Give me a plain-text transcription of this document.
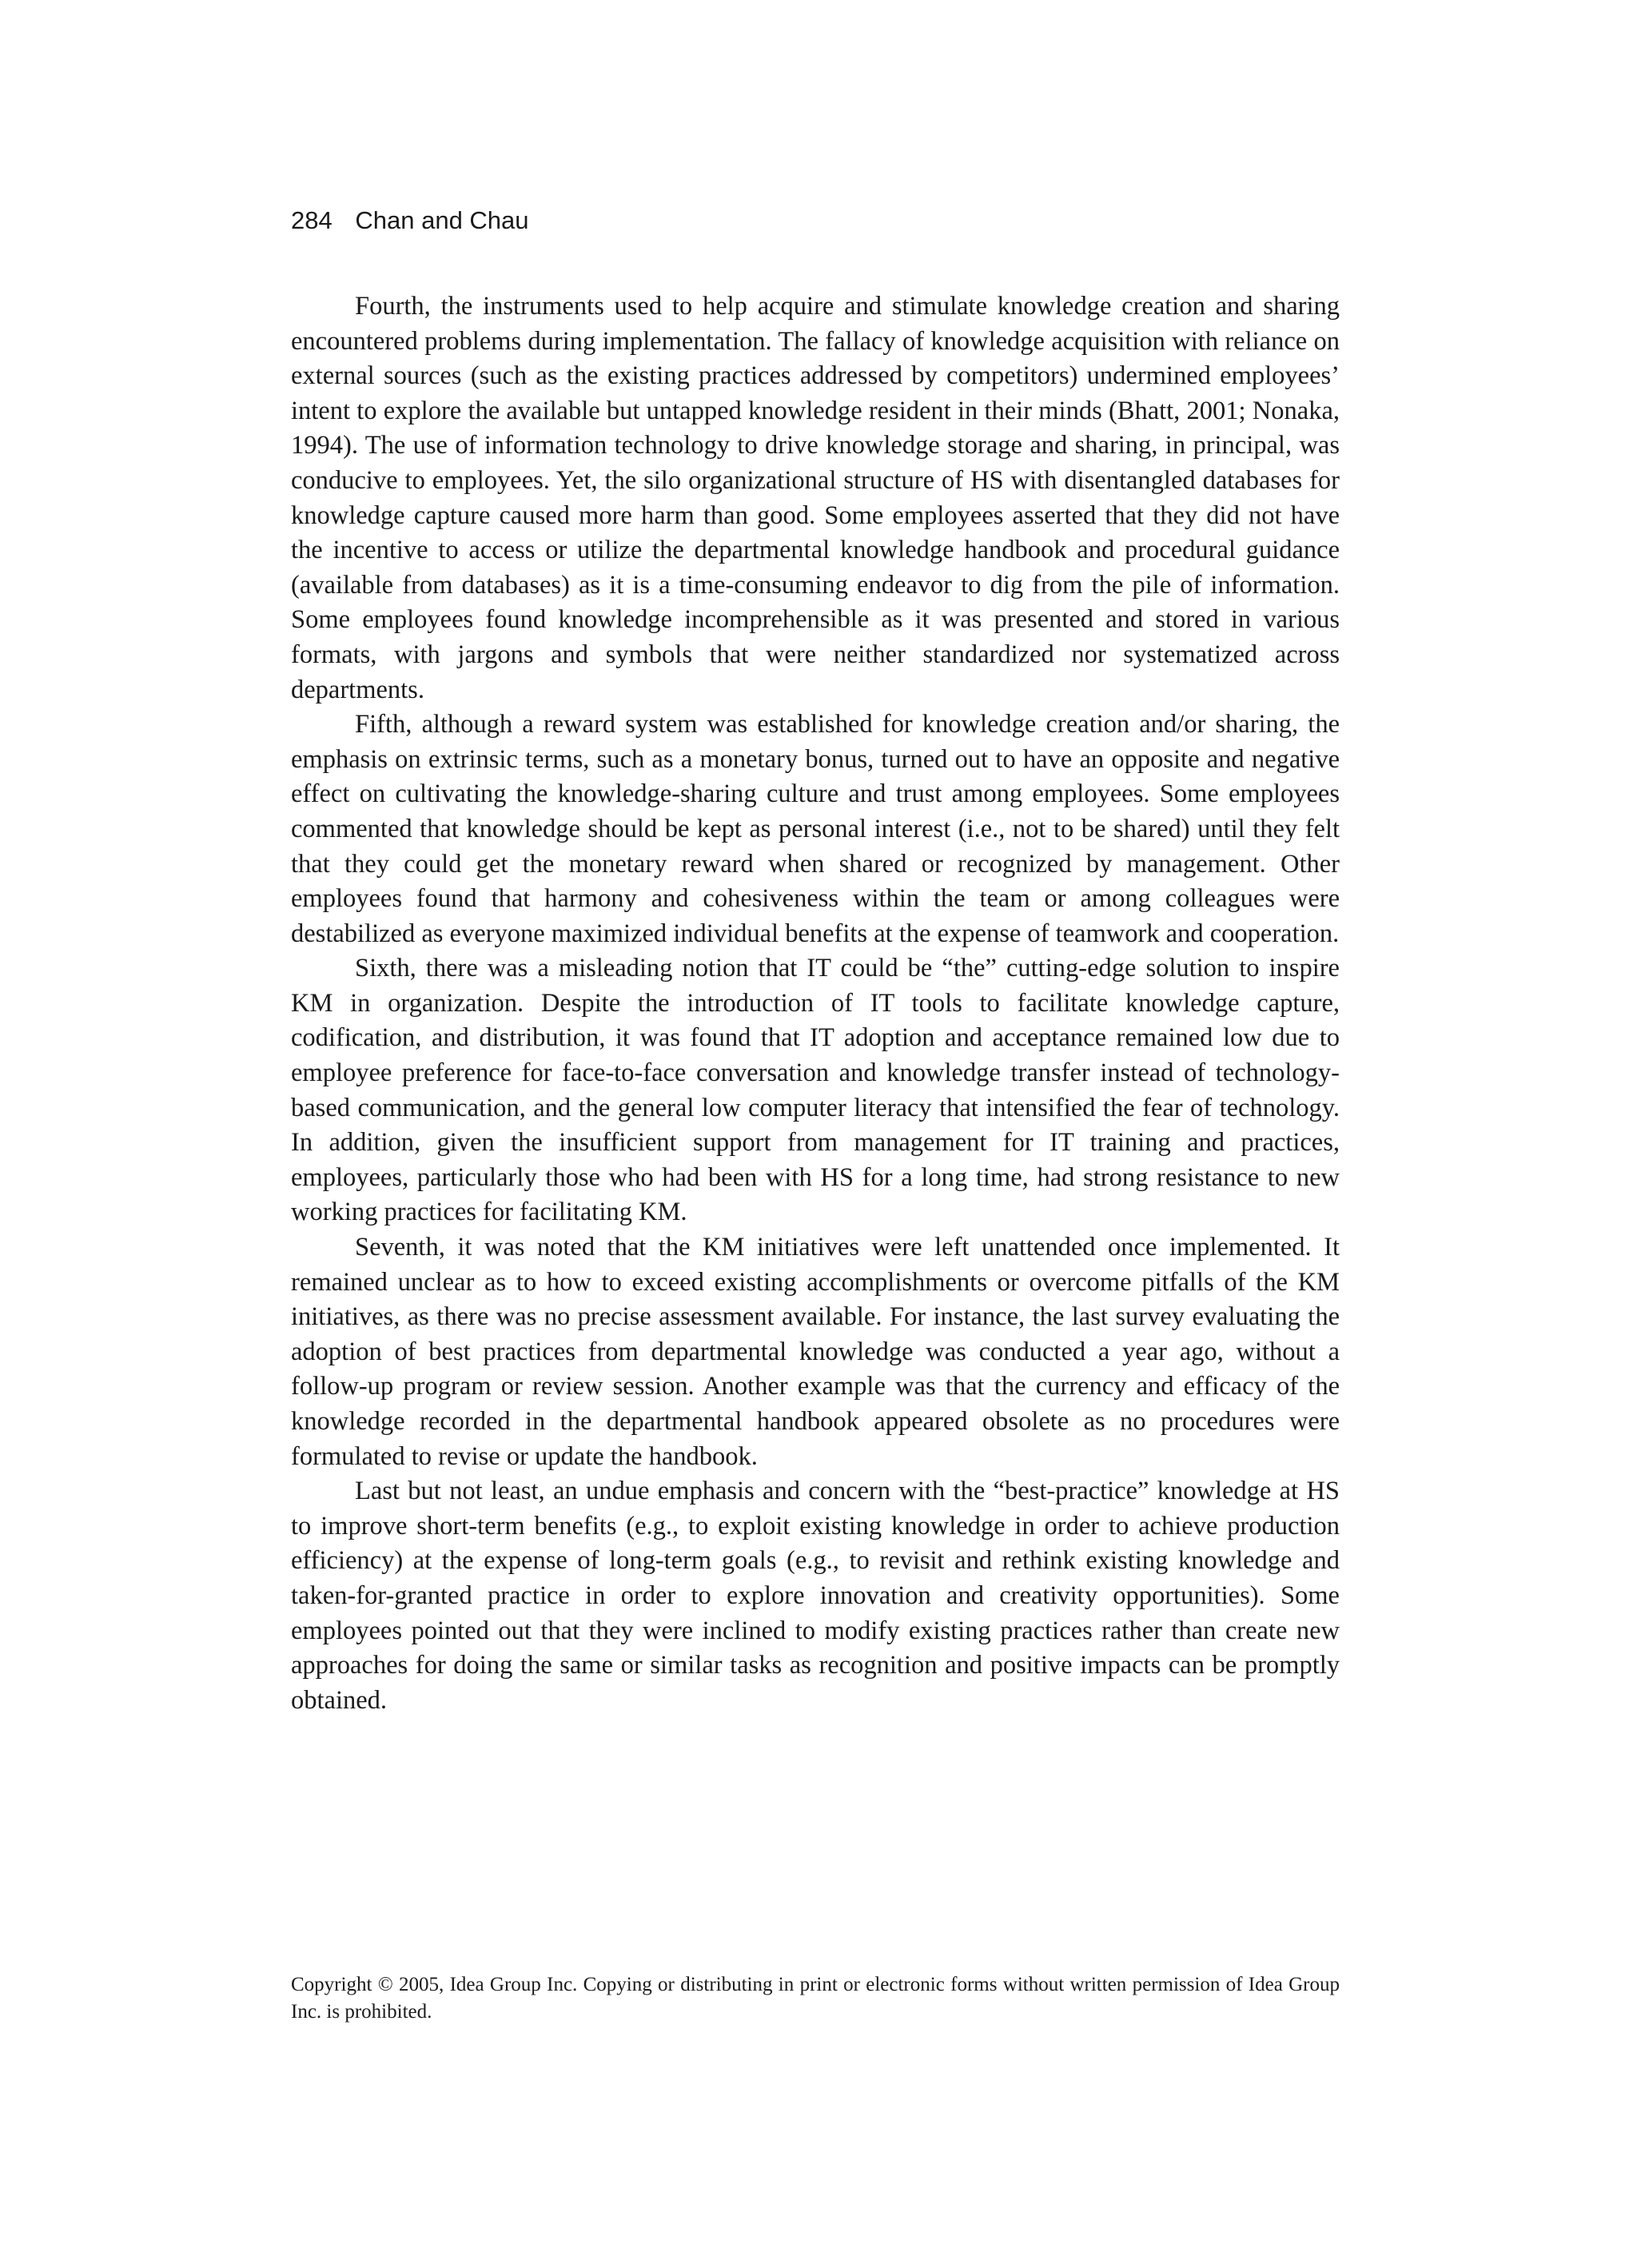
284 Chan and Chau

Fourth, the instruments used to help acquire and stimulate knowledge creation and sharing encountered problems during implementation. The fallacy of knowledge acquisition with reliance on external sources (such as the existing practices addressed by competitors) undermined employees’ intent to explore the available but untapped knowledge resident in their minds (Bhatt, 2001; Nonaka, 1994). The use of information technology to drive knowledge storage and sharing, in principal, was conducive to employees. Yet, the silo organizational structure of HS with disentangled databases for knowledge capture caused more harm than good. Some employees asserted that they did not have the incentive to access or utilize the departmental knowledge handbook and procedural guidance (available from databases) as it is a time-consuming endeavor to dig from the pile of information. Some employees found knowledge incomprehensible as it was presented and stored in various formats, with jargons and symbols that were neither standardized nor systematized across departments.

Fifth, although a reward system was established for knowledge creation and/or sharing, the emphasis on extrinsic terms, such as a monetary bonus, turned out to have an opposite and negative effect on cultivating the knowledge-sharing culture and trust among employees. Some employees commented that knowledge should be kept as personal interest (i.e., not to be shared) until they felt that they could get the monetary reward when shared or recognized by management. Other employees found that harmony and cohesiveness within the team or among colleagues were destabilized as everyone maximized individual benefits at the expense of teamwork and cooperation.

Sixth, there was a misleading notion that IT could be “the” cutting-edge solution to inspire KM in organization. Despite the introduction of IT tools to facilitate knowledge capture, codification, and distribution, it was found that IT adoption and acceptance remained low due to employee preference for face-to-face conversation and knowledge transfer instead of technology-based communication, and the general low computer literacy that intensified the fear of technology. In addition, given the insufficient support from management for IT training and practices, employees, particularly those who had been with HS for a long time, had strong resistance to new working practices for facilitating KM.

Seventh, it was noted that the KM initiatives were left unattended once implemented. It remained unclear as to how to exceed existing accomplishments or overcome pitfalls of the KM initiatives, as there was no precise assessment available. For instance, the last survey evaluating the adoption of best practices from departmental knowledge was conducted a year ago, without a follow-up program or review session. Another example was that the currency and efficacy of the knowledge recorded in the departmental handbook appeared obsolete as no procedures were formulated to revise or update the handbook.

Last but not least, an undue emphasis and concern with the “best-practice” knowledge at HS to improve short-term benefits (e.g., to exploit existing knowledge in order to achieve production efficiency) at the expense of long-term goals (e.g., to revisit and rethink existing knowledge and taken-for-granted practice in order to explore innovation and creativity opportunities). Some employees pointed out that they were inclined to modify existing practices rather than create new approaches for doing the same or similar tasks as recognition and positive impacts can be promptly obtained.

Copyright © 2005, Idea Group Inc. Copying or distributing in print or electronic forms without written permission of Idea Group Inc. is prohibited.
